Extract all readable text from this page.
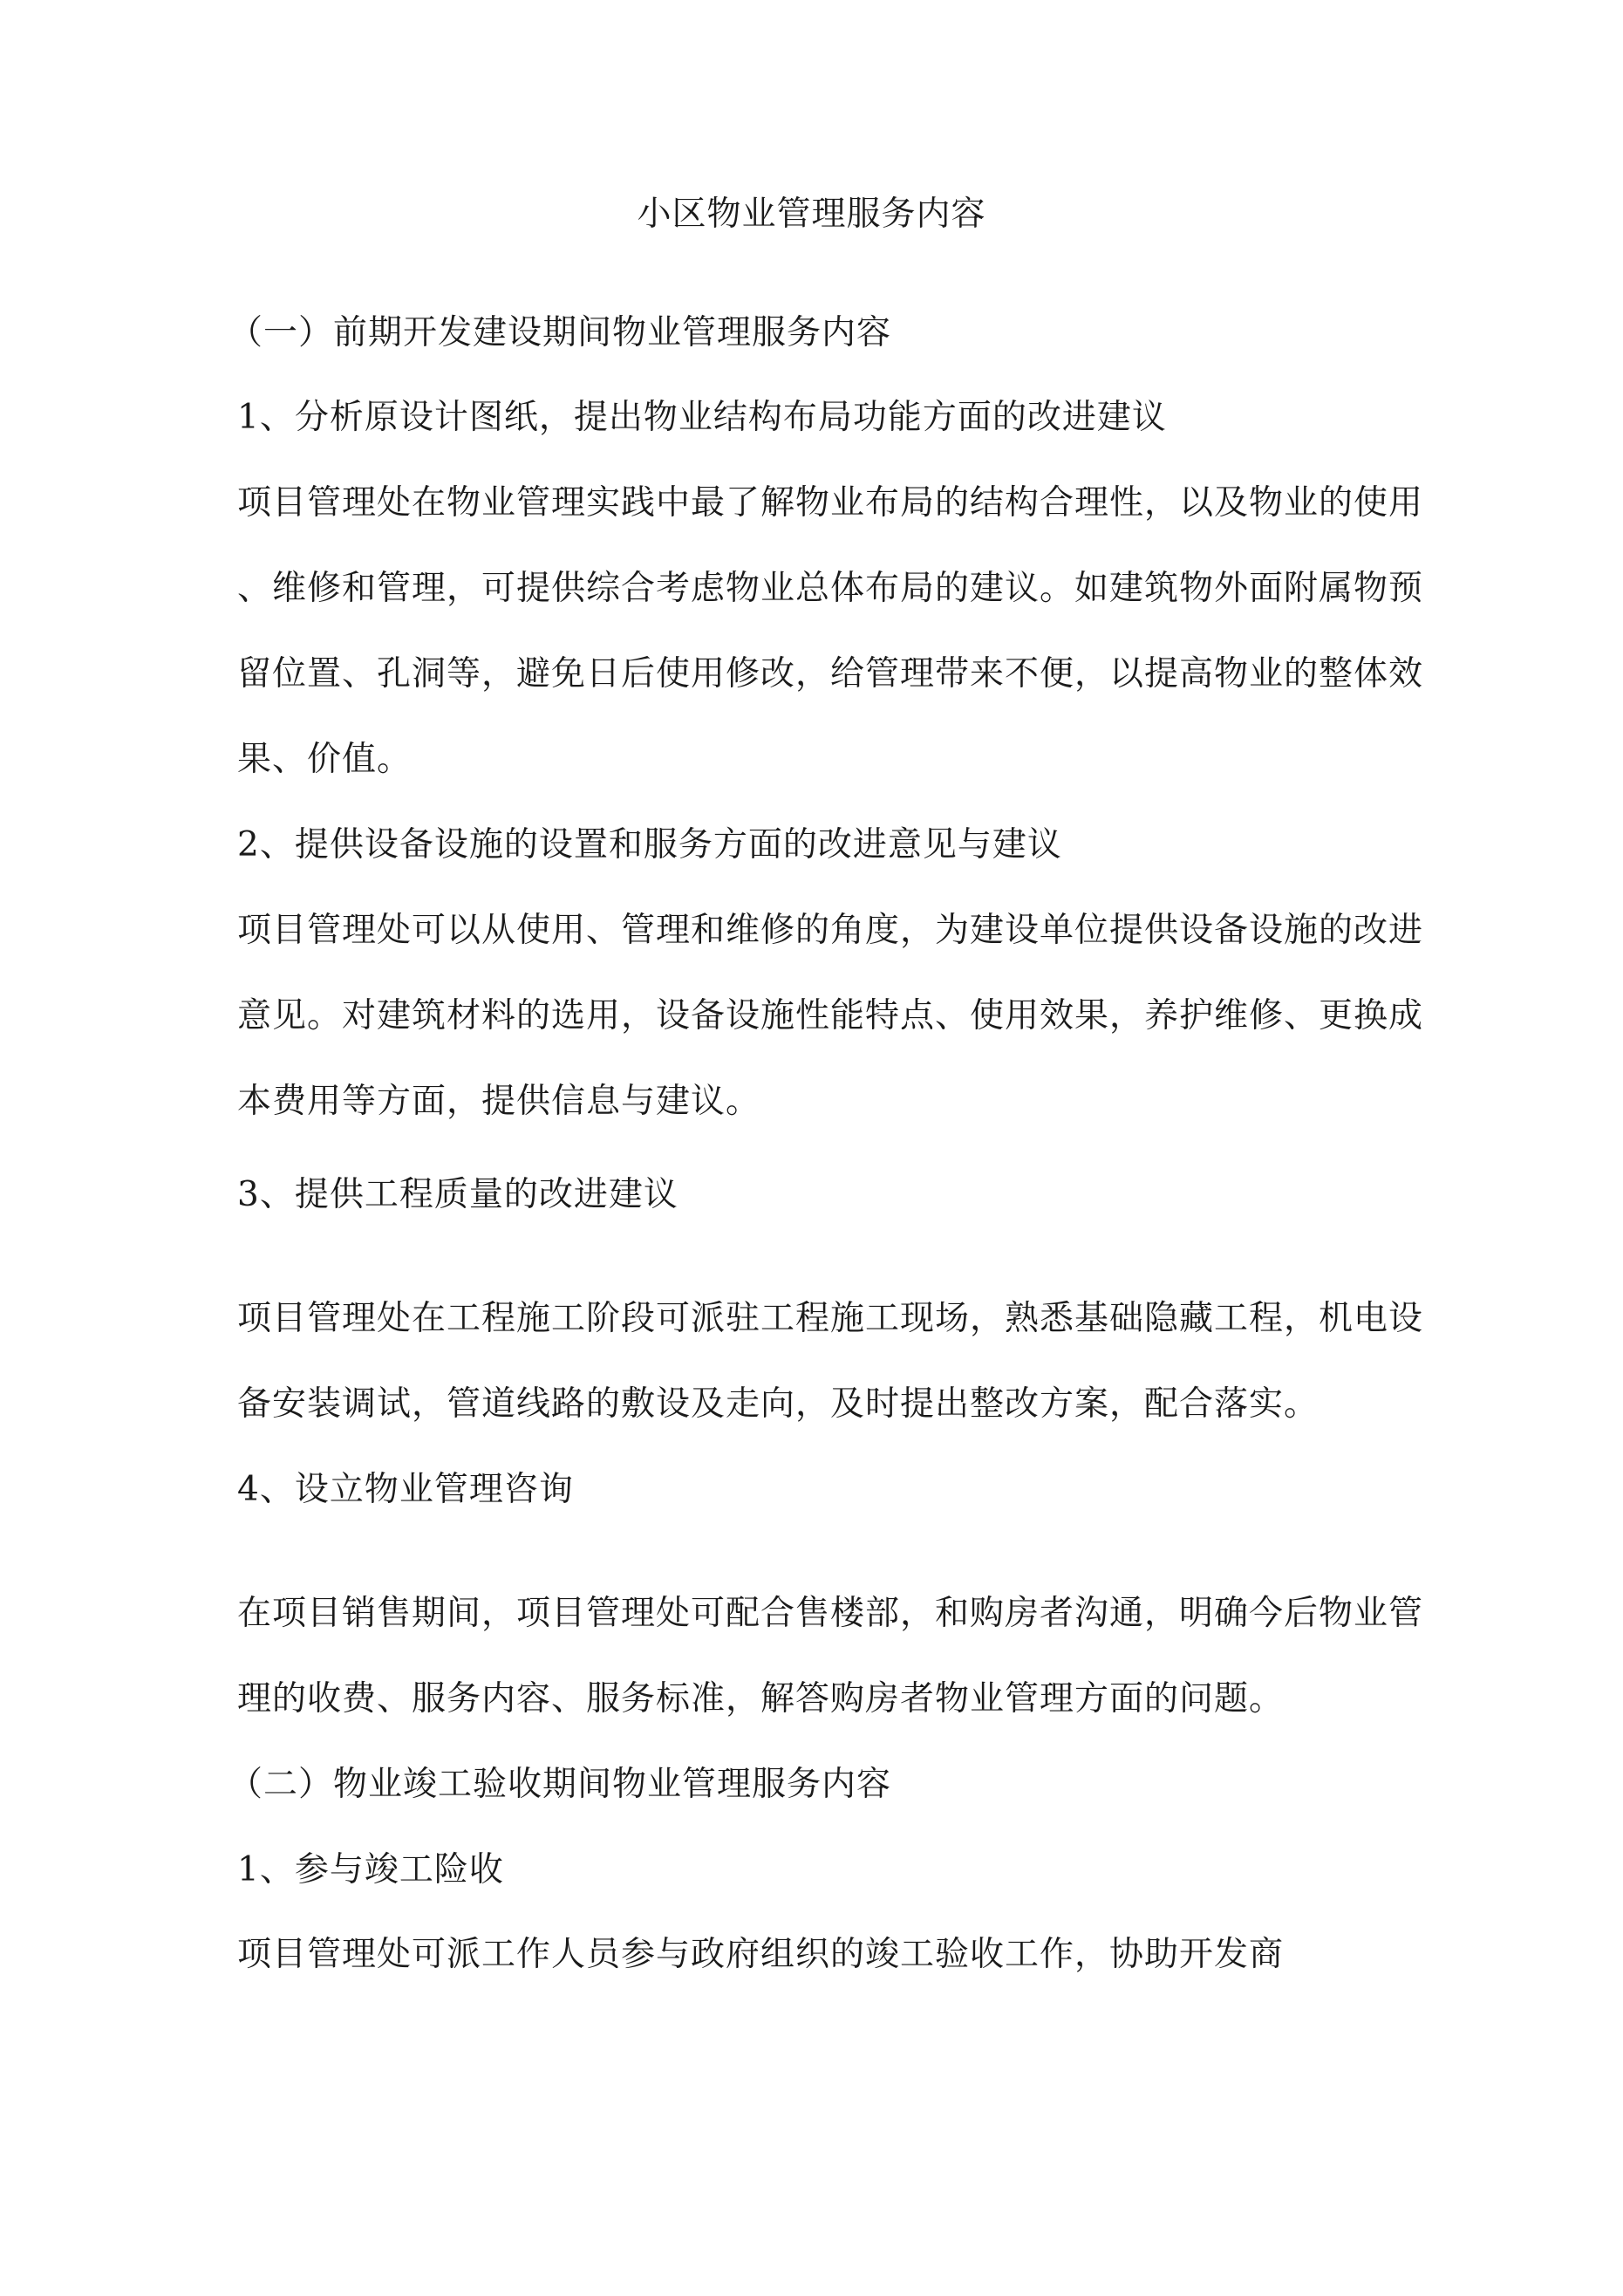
小区物业管理服务内容
（一）前期开发建设期间物业管理服务内容
1、分析原设计图纸，提出物业结构布局功能方面的改进建议
项目管理处在物业管理实践中最了解物业布局的结构合理性，以及物业的使用
、维修和管理，可提供综合考虑物业总体布局的建议。如建筑物外面附属物预
留位置、孔洞等，避免日后使用修改，给管理带来不便，以提高物业的整体效
果、价值。
2、提供设备设施的设置和服务方面的改进意见与建议
项目管理处可以从使用、管理和维修的角度，为建设单位提供设备设施的改进
意见。对建筑材料的选用，设备设施性能特点、使用效果，养护维修、更换成
本费用等方面，提供信息与建议。
3、提供工程质量的改进建议
项目管理处在工程施工阶段可派驻工程施工现场，熟悉基础隐藏工程，机电设
备安装调试，管道线路的敷设及走向，及时提出整改方案，配合落实。
4、设立物业管理咨询
在项目销售期间，项目管理处可配合售楼部，和购房者沟通，明确今后物业管
理的收费、服务内容、服务标准，解答购房者物业管理方面的问题。
（二）物业竣工验收期间物业管理服务内容
1、参与竣工险收
项目管理处可派工作人员参与政府组织的竣工验收工作，协助开发商
